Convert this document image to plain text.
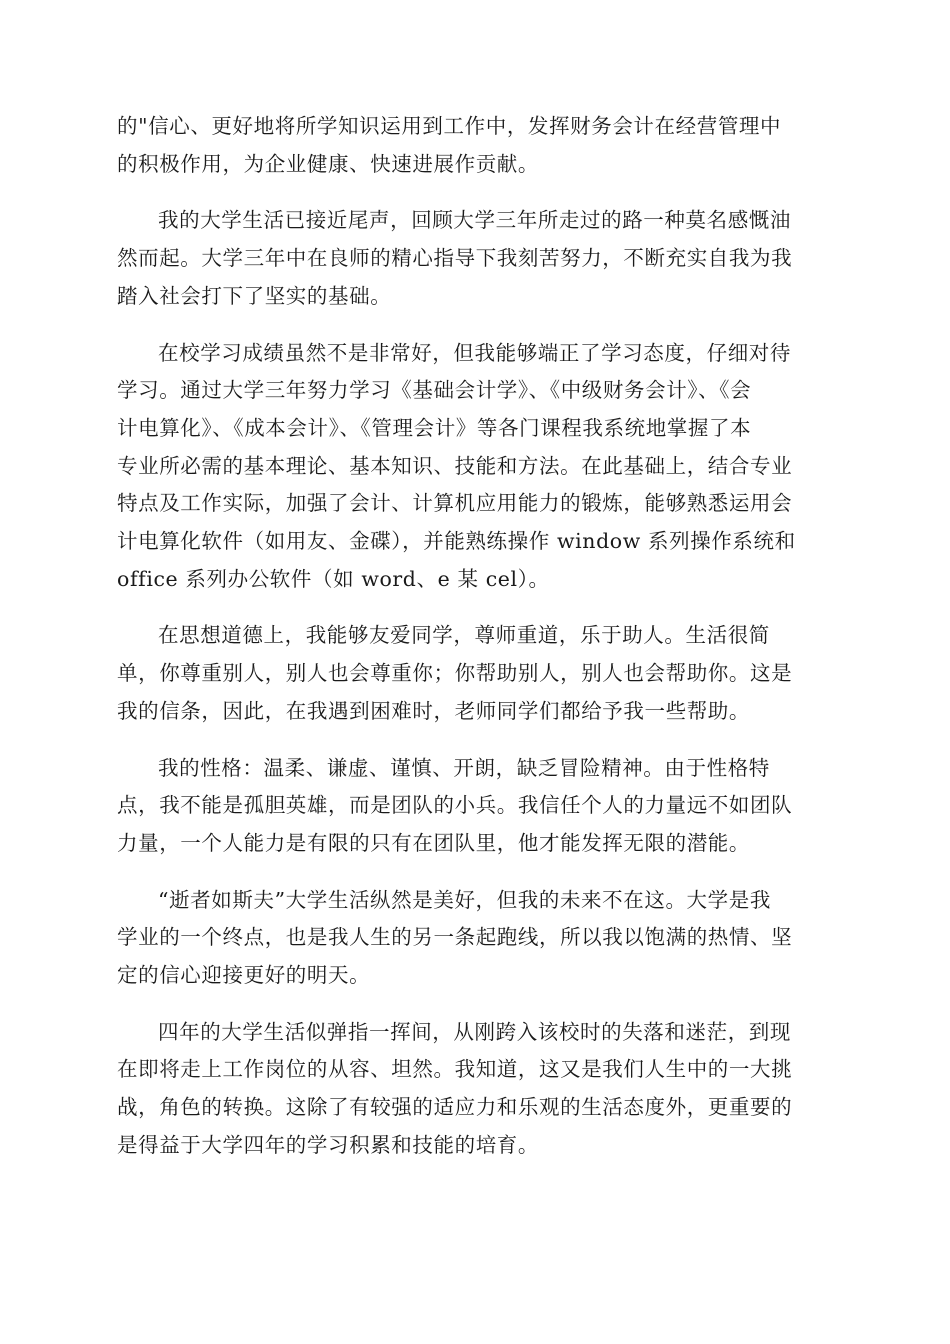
的"信心、更好地将所学知识运用到工作中，发挥财务会计在经营管理中
的积极作用，为企业健康、快速进展作贡献。

我的大学生活已接近尾声，回顾大学三年所走过的路一种莫名感慨油
然而起。大学三年中在良师的精心指导下我刻苦努力，不断充实自我为我
踏入社会打下了坚实的基础。

在校学习成绩虽然不是非常好，但我能够端正了学习态度，仔细对待
学习。通过大学三年努力学习《基础会计学》、《中级财务会计》、《会
计电算化》、《成本会计》、《管理会计》等各门课程我系统地掌握了本
专业所必需的基本理论、基本知识、技能和方法。在此基础上，结合专业
特点及工作实际，加强了会计、计算机应用能力的锻炼，能够熟悉运用会
计电算化软件（如用友、金碟），并能熟练操作 window 系列操作系统和
office 系列办公软件（如 word、e 某 cel）。

在思想道德上，我能够友爱同学，尊师重道，乐于助人。生活很简
单，你尊重别人，别人也会尊重你；你帮助别人，别人也会帮助你。这是
我的信条，因此，在我遇到困难时，老师同学们都给予我一些帮助。

我的性格：温柔、谦虚、谨慎、开朗，缺乏冒险精神。由于性格特
点，我不能是孤胆英雄，而是团队的小兵。我信任个人的力量远不如团队
力量，一个人能力是有限的只有在团队里，他才能发挥无限的潜能。

“逝者如斯夫”大学生活纵然是美好，但我的未来不在这。大学是我
学业的一个终点，也是我人生的另一条起跑线，所以我以饱满的热情、坚
定的信心迎接更好的明天。

四年的大学生活似弹指一挥间，从刚跨入该校时的失落和迷茫，到现
在即将走上工作岗位的从容、坦然。我知道，这又是我们人生中的一大挑
战，角色的转换。这除了有较强的适应力和乐观的生活态度外，更重要的
是得益于大学四年的学习积累和技能的培育。
